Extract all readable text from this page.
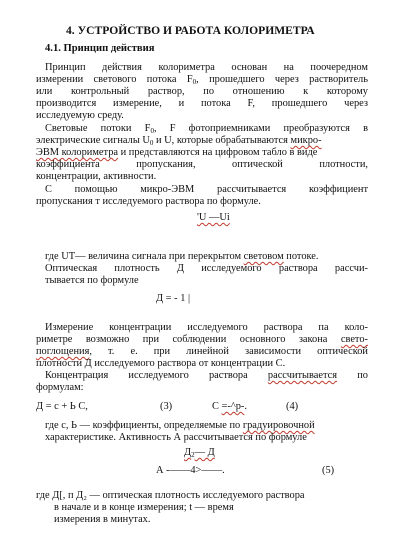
4. УСТРОЙСТВО И РАБОТА КОЛОРИМЕТРА
4.1. Принцип действия
Принцип действия колориметра основан на поочередном
измерении светового потока $F_0$, прошедшего через растворитель
или контрольный раствор, по отношению к которому
производится измерение, и потока F, прошедшего через
исследуемую среду.
Световые потоки $F_0$, F фотоприемниками преобразуются в
электрические сигналы $U_0$ и U, которые обрабатываются микро-
ЭВМ колориметра и представляются на цифровом табло в виде
коэффициента пропускания, оптической плотности,
концентрации, активности.
С помощью микро-ЭВМ рассчитывается коэффициент
пропускания т исследуемого раствора по формуле.
'U —Ui
где UT— величина сигнала при перекрытом световом потоке.
Оптическая плотность Д исследуемого раствора рассчи-
тывается по формуле
Д = - 1 |
Измерение концентрации исследуемого раствора па коло-
риметре возможно при соблюдении основного закона свето-
поглощения, т. е. при линейной зависимости оптической
плотности Д исследуемого раствора от концентрации С.
Концентрация исследуемого раствора рассчитывается по
формулам:
Д = с + Ь С,	(3)	С =-^р-.	(4)
где с, Ь — коэффициенты, определяемые по градуировочной
характеристике. Активность А рассчитывается по формуле
$Д_2—$ Д
А -——4>——.	(5)
где Д[, п Д₂ — оптическая плотность исследуемого раствора
в начале и в конце измерения; t — время
измерения в минутах.
